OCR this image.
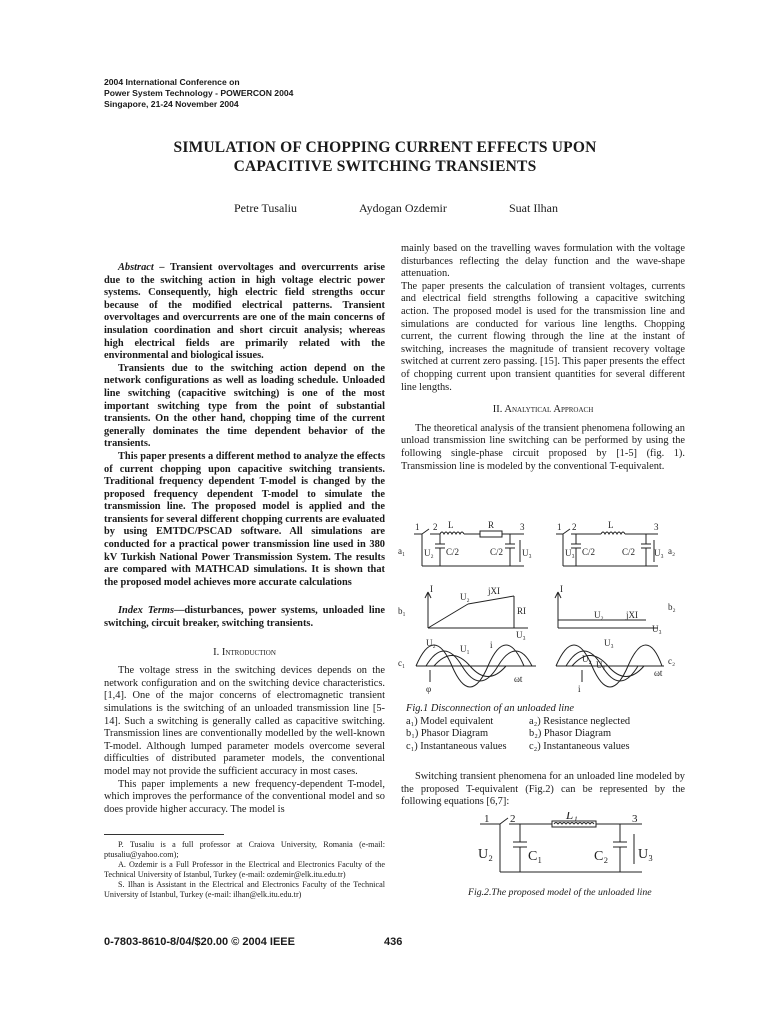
2004 International Conference on
Power System Technology - POWERCON 2004
Singapore, 21-24 November 2004
SIMULATION OF CHOPPING CURRENT EFFECTS UPON
CAPACITIVE SWITCHING TRANSIENTS
Petre Tusaliu	Aydogan Ozdemir	Suat Ilhan

Abstract – Transient overvoltages and overcurrents arise due to the switching action in high voltage electric power systems. Consequently, high electric field strengths occur because of the modified electrical patterns. Transient overvoltages and overcurrents are one of the main concerns of insulation coordination and short circuit analysis; whereas high electrical fields are primarily related with the environmental and biological issues.

Transients due to the switching action depend on the network configurations as well as loading schedule. Unloaded line switching (capacitive switching) is one of the most important switching type from the point of substantial transients. On the other hand, chopping time of the current generally dominates the time dependent behavior of the transients.

This paper presents a different method to analyze the effects of current chopping upon capacitive switching transients. Traditional frequency dependent T-model is changed by the proposed frequency dependent T-model to simulate the transmission line. The proposed model is applied and the transients for several different chopping currents are evaluated by using EMTDC/PSCAD software. All simulations are conducted for a practical power transmission line used in 380 kV Turkish National Power Transmission System. The results are compared with MATHCAD simulations. It is shown that the proposed model achieves more accurate calculations

Index Terms—disturbances, power systems, unloaded line switching, circuit breaker, switching transients.

I. Introduction

The voltage stress in the switching devices depends on the network configuration and on the switching device characteristics.[1,4]. One of the major concerns of electromagnetic transient simulations is the switching of an unloaded transmission line [5-14]. Such a switching is generally called as capacitive switching. Transmission lines are conventionally modelled by the well-known T-model. Although lumped parameter models overcome several difficulties of distributed parameter models, the conventional model may not provide the sufficient accuracy in most cases.

This paper implements a new frequency-dependent T-model, which improves the performance of the conventional model and so does provide higher accuracy. The model is

P. Tusaliu is a full professor at Craiova University, Romania (e-mail: ptusaliu@yahoo.com);

A. Ozdemir is a Full Professor in the Electrical and Electronics Faculty of the Technical University of Istanbul, Turkey (e-mail: ozdemir@elk.itu.edu.tr)

S. Ilhan is Assistant in the Electrical and Electronics Faculty of the Technical University of Istanbul, Turkey (e-mail: ilhan@elk.itu.edu.tr)

mainly based on the travelling waves formulation with the voltage disturbances reflecting the delay function and the wave-shape attenuation.

The paper presents the calculation of transient voltages, currents and electrical field strengths following a capacitive switching action. The proposed model is used for the transmission line and simulations are conducted for various line lengths. Chopping current, the current flowing through the line at the instant of switching, increases the magnitude of transient recovery voltage switched at current zero passing. [15]. This paper presents the effect of chopping current upon transient quantities for several different line lengths.

II. Analytical Approach

The theoretical analysis of the transient phenomena following an unload transmission line switching can be performed by using the following single-phase circuit proposed by [1-5] (fig. 1). Transmission line is modeled by the conventional T-equivalent.

a₁	a₂
b₁	b₂
c₁	c₂
1 2	3	1 2	3
L	R	L
C/2	C/2	C/2	C/2
U₂	U₃	U₃	U₃
I
U₂
jXI
RI
U₃
I
U₂ jXI
U₃
U₂
U₁ i
ωt
φ
U₃
U₂
U₁
i
ωt
Fig.1 Disconnection of an unloaded line
a₁) Model equivalent	a₂) Resistance neglected
b₁) Phasor Diagram	b₂) Phasor Diagram
c₁) Instantaneous values	c₂) Instantaneous values

Switching transient phenomena for an unloaded line modeled by the proposed T-equivalent (Fig.2) can be represented by the following equations [6,7]:

1 2	3
L₁
C₁	C₂
U₂	U₃
Fig.2.The proposed model of the unloaded line
0-7803-8610-8/04/$20.00 © 2004 IEEE	436
